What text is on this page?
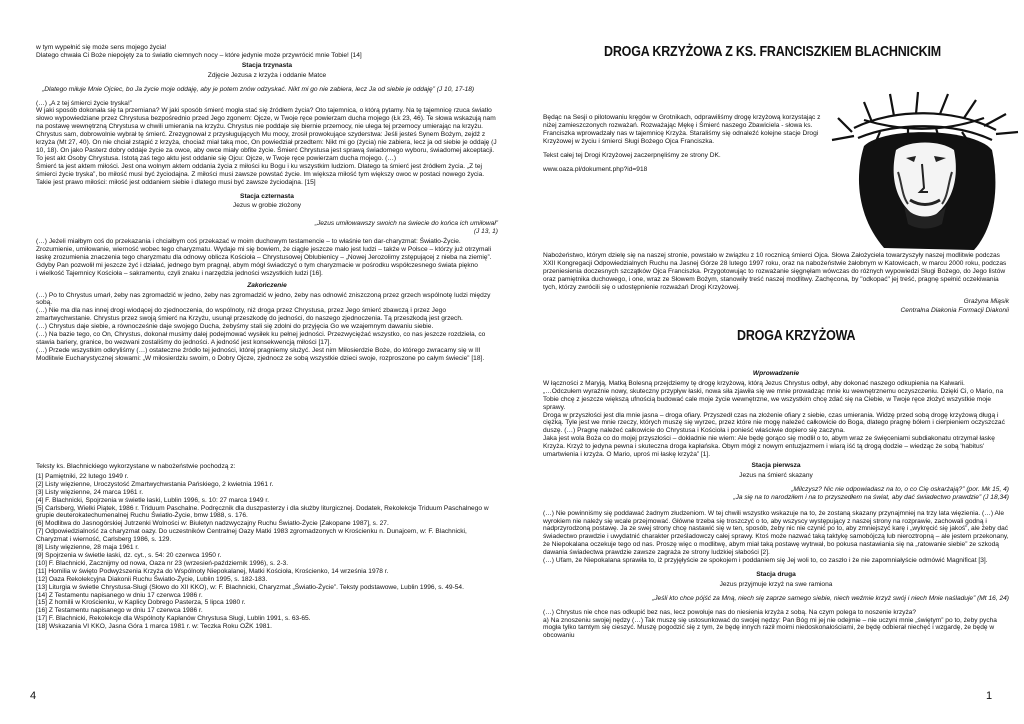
w tym wypełnić się może sens mojego życia!
Dlatego chwała Ci Boże niepojęty za to światło ciemnych nocy – które jedynie może przywrócić mnie Tobie! [14]

Stacja trzynasta

Zdjęcie Jezusa z krzyża i oddanie Matce

„Dlatego miłuje Mnie Ojciec, bo Ja życie moje oddaję, aby je potem znów odzyskać. Nikt mi go nie zabiera, lecz Ja od siebie je oddaję” (J 10, 17-18)

(…) „A z tej śmierci życie tryska!”
W jaki sposób dokonała się ta przemiana? W jaki sposób śmierć mogła stać się źródłem życia? Oto tajemnica, o którą pytamy. Na tę tajemnicę rzuca światło słowo wypowiedziane przez Chrystusa bezpośrednio przed Jego zgonem: Ojcze, w Twoje ręce powierzam ducha mojego (Łk 23, 46). Te słowa wskazują nam na postawę wewnętrzną Chrystusa w chwili umierania na krzyżu. Chrystus nie poddaje się biernie przemocy, nie ulega tej przemocy umierając na krzyżu. Chrystus sam, dobrowolnie wybrał tę śmierć. Zrezygnował z przysługujących Mu mocy, zrosił prowokujące szyderstwa: Jeśli jesteś Synem Bożym, zejdź z krzyża (Mt 27, 40). On nie chciał zstąpić z krzyża, chociaż miał taką moc, On powiedział przedtem: Nikt mi go (życia) nie zabiera, lecz ja od siebie je oddaję (J 10, 18). On jako Pasterz dobry oddaje życie za owce, aby owce miały obfite życie. Śmierć Chrystusa jest sprawą świadomego wyboru, świadomej akceptacji. To jest akt Osoby Chrystusa. Istotą zaś tego aktu jest oddanie się Ojcu: Ojcze, w Twoje ręce powierzam ducha mojego. (…)
Śmierć ta jest aktem miłości. Jest ona wolnym aktem oddania życia z miłości ku Bogu i ku wszystkim ludziom. Dlatego ta śmierć jest źródłem życia. „Z tej śmierci życie tryska”, bo miłość musi być życiodajna. Z miłości musi zawsze powstać życie. Im większa miłość tym większy owoc w postaci nowego życia. Takie jest prawo miłości: miłość jest oddaniem siebie i dlatego musi być zawsze życiodajna. [15]

Stacja czternasta

Jezus w grobie złożony

„Jezus umiłowawszy swoich na świecie do końca ich umiłował”

(J 13, 1)

(…) Jeżeli miałbym coś do przekazania i chciałbym coś przekazać w moim duchowym testamencie – to właśnie ten dar-charyzmat: Światło-Życie. Zrozumienie, umiłowanie, wierność wobec tego charyzmatu. Wydaje mi się bowiem, że ciągle jeszcze mało jest ludzi – także w Polsce – którzy już otrzymali łaskę zrozumienia znaczenia tego charyzmatu dla odnowy oblicza Kościoła – Chrystusowej Oblubienicy – „Nowej Jerozolimy zstępującej z nieba na ziemię”.
Gdyby Pan pozwolił mi jeszcze żyć i działać, jednego bym pragnął, abym mógł świadczyć o tym charyzmacie w pośrodku współczesnego świata piękno
i wielkość Tajemnicy Kościoła – sakramentu, czyli znaku i narzędzia jedności wszystkich ludzi [16].

Zakończenie

(…) Po to Chrystus umarł, żeby nas zgromadzić w jedno, żeby nas zgromadzić w jedno, żeby nas odnowić zniszczoną przez grzech wspólnotę ludzi między sobą.
(…) Nie ma dla nas innej drogi wiodącej do zjednoczenia, do wspólnoty, niż droga przez Chrystusa, przez Jego śmierć zbawczą i przez Jego zmartwychwstanie. Chrystus przez swoją śmierć na Krzyżu, usunął przeszkodę do jedności, do naszego zjednoczenia. Tą przeszkodą jest grzech.
(…) Chrystus daje siebie, a równocześnie daje swojego Ducha, żebyśmy stali się zdolni do przyjęcia Go we wzajemnym dawaniu siebie.
(…) Na bazie tego, co On, Chrystus, dokonał musimy dalej podejmować wysiłek ku pełnej jedności. Przezwyciężać wszystko, co nas jeszcze rozdziela, co stawia bariery, granice, bo wezwani zostaliśmy do jedności. A jedność jest konsekwencją miłości [17].
(…) Przede wszystkim odkryliśmy (…) ostateczne źródło tej jedności, której pragniemy służyć. Jest nim Miłosierdzie Boże, do którego zwracamy się w III Modlitwie Eucharystycznej słowami: „W miłosierdziu swoim, o Dobry Ojcze, zjednocz ze sobą wszystkie dzieci swoje, rozproszone po całym świecie” [18].

Teksty ks. Blachnickiego wykorzystane w nabożeństwie pochodzą z:

[1] Pamiętniki, 22 lutego 1949 r.
[2] Listy więzienne, Uroczystość Zmartwychwstania Pańskiego, 2 kwietnia 1961 r.
[3] Listy więzienne, 24 marca 1961 r.
[4] F. Blachnicki, Spojrzenia w świetle łaski, Lublin 1996, s. 10: 27 marca 1949 r.
[5] Carlsberg, Wielki Piątek, 1986 r. Triduum Paschalne. Podręcznik dla duszpasterzy i dla służby liturgicznej. Dodatek, Rekolekcje Triduum Paschalnego w grupie deuterokatechumenalnej Ruchu Światło-Życie, bmw 1988, s. 176.
[6] Modlitwa do Jasnogórskiej Jutrzenki Wolności w: Biuletyn nadzwyczajny Ruchu Światło-Życie [Zakopane 1987], s. 27.
[7] Odpowiedzialność za charyzmat oazy. Do uczestników Centralnej Oazy Matki 1983 zgromadzonych w Krościenku n. Dunajcem, w: F. Blachnicki, Charyzmat i wierność, Carlsberg 1986, s. 129.
[8] Listy więzienne, 28 maja 1961 r.
[9] Spojrzenia w świetle łaski, dz. cyt., s. 54: 20 czerwca 1950 r.
[10] F. Blachnicki, Zacznijmy od nowa, Oaza nr 23 (wrzesień-październik 1996), s. 2-3.
[11] Homilia w święto Podwyższenia Krzyża do Wspólnoty Niepokalanej, Matki Kościoła, Krościenko, 14 września 1978 r.
[12] Oaza Rekolekcyjna Diakonii Ruchu Światło-Życie, Lublin 1995, s. 182-183.
[13] Liturgia w świetle Chrystusa-Sługi (Słowo do XII KKO), w: F. Blachnicki, Charyzmat „Światło-Życie”. Teksty podstawowe, Lublin 1996, s. 49-54.
[14] Z Testamentu napisanego w dniu 17 czerwca 1986 r.
[15] Z homilii w Krościenku, w Kaplicy Dobrego Pasterza, 5 lipca 1980 r.
[16] Z Testamentu napisanego w dniu 17 czerwca 1986 r.
[17] F. Blachnicki, Rekolekcje dla Wspólnoty Kapłanów Chrystusa Sługi, Lublin 1991, s. 63-65.
[18] Wskazania VI KKO, Jasna Góra 1 marca 1981 r. w: Teczka Roku OŻK 1981.
4
DROGA KRZYŻOWA Z KS. FRANCISZKIEM BLACHNICKIM

Będąc na Sesji o pilotowaniu kręgów w Grotnikach, odprawiliśmy drogę krzyżową korzystając z niżej zamieszczonych rozważań. Rozważając Mękę i Śmierć naszego Zbawiciela - słowa ks. Franciszka wprowadzały nas w tajemnicę Krzyża. Staraliśmy się odnaleźć kolejne stacje Drogi Krzyżowej w życiu i śmierci Sługi Bożego Ojca Franciszka.

Tekst całej tej Drogi Krzyżowej zaczerpnęliśmy ze strony DK.

www.oaza.pl/dokument.php?id=918

Nabożeństwo, którym dzielę się na naszej stronie, powstało w związku z 10 rocznicą śmierci Ojca. Słowa Założyciela towarzyszyły naszej modlitwie podczas XXII Kongregacji Odpowiedzialnych Ruchu na Jasnej Górze 28 lutego 1997 roku, oraz na nabożeństwie żałobnym w Katowicach, w marcu 2000 roku, podczas przeniesienia doczesnych szczątków Ojca Franciszka. Przygotowując to rozważanie sięgnęłam wówczas do różnych wypowiedzi Sługi Bożego, do Jego listów oraz pamiętnika duchowego, i one, wraz ze Słowem Bożym, stanowiły treść naszej modlitwy. Zachęcona, by "odkopać" jej treść, pragnę spełnić oczekiwania tych, którzy zwrócili się o udostępnienie rozważań Drogi Krzyżowej.

Grażyna Miąsik

Centralna Diakonia Formacji Diakonii

DROGA KRZYŻOWA

Wprowadzenie

W łączności z Maryją, Matką Bolesną przejdziemy tę drogę krzyżową, którą Jezus Chrystus odbył, aby dokonać naszego odkupienia na Kalwarii.
„…Odczułem wyraźnie nowy, skuteczny przypływ łaski, nowa siła zjawiła się we mnie prowadząc mnie ku wewnętrznemu oczyszczeniu. Dzięki Ci, o Mario, na Tobie chcę z jeszcze większą ufnością budować cale moje życie wewnętrzne, we wszystkim chcę zdać się na Ciebie, w Twoje ręce złożyć wszystkie moje sprawy.
Droga w przyszłości jest dla mnie jasna – droga ofiary. Przyszedł czas na złożenie ofiary z siebie, czas umierania. Widzę przed sobą drogę krzyżową długą i ciężką. Tyle jest we mnie rzeczy, których muszę się wyrzec, przez które nie mogę należeć całkowicie do Boga, dlatego pragnę bólem i cierpieniem oczyszczać duszę. (…) Pragnę należeć całkowicie do Chrystusa i Kościoła i ponieść właściwie dopiero się zaczyna.
Jaka jest wola Boża co do mojej przyszłości – dokładnie nie wiem: Ale będę gorąco się modlił o to, abym wraz ze święceniami subdiakonatu otrzymał łaskę Krzyża. Krzyż to jedyna pewna i skuteczna droga kapłańska. Obym mógł z nowym entuzjazmem i wiarą iść tą drogą dodzie – wiedząc że sobą 'habitus' umartwienia i krzyża. O Mario, uproś mi łaskę krzyża” [1].

Stacja pierwsza

Jezus na śmierć skazany

„Milczysz? Nic nie odpowiadasz na to, o co Cię oskarżają?” (por. Mk 15, 4)

„Ja się na to narodziłem i na to przyszedłem na świat, aby dać świadectwo prawdzie” (J 18,34)

(…) Nie powinniśmy się poddawać żadnym złudzeniom. W tej chwili wszystko wskazuje na to, że zostaną skazany przynajmniej na trzy lata więzienia. (…) Ale wyrokiem nie należy się wcale przejmować. Główne trzeba się troszczyć o to, aby wszyscy występujący z naszej strony na rozprawie, zachowali godną i nadprzyrodzoną postawę. Ja ze swej strony chcę nastawić się w ten, sposób, żeby nic nie czynić po to, aby zmniejszyć karę i „wykręcić się jakoś”, ale żeby dać świadectwo prawdzie i uwydatnić charakter prześladowczy całej sprawy. Ktoś może nazwać taką taktykę samobójczą lub nieroztropną – ale jestem przekonany, że Niepokalana oczekuje tego od nas. Proszę więc o modlitwę, abym miał taką postawę wytrwał, bo pokusa nastawiania się na „ratowanie siebie” ze szkodą dawania świadectwa prawdzie zawsze zagraża ze strony ludzkiej słabości [2].
(…) Ufam, że Niepokalana sprawiła to, iż przyjęłyście ze spokojem i poddaniem się Jej woli to, co zaszło i że nie zapomniałyście odmówić Magnificat [3].

Stacja druga

Jezus przyjmuje krzyż na swe ramiona

„Jeśli kto chce pójść za Mną, niech się zaprze samego siebie, niech weźmie krzyż swój i niech Mnie naśladuje” (Mt 16, 24)

(…) Chrystus nie chce nas odkupić bez nas, lecz powołuje nas do niesienia krzyża z sobą. Na czym polega to noszenie krzyża?
a) Na znoszeniu swojej nędzy (…) Tak muszę się ustosunkować do swojej nędzy: Pan Bóg mi jej nie odejmie – nie uczyni mnie „świętym” po to, żeby pycha mogła tylko tamtym się cieszyć. Muszę pogodzić się z tym, że będę innych raził moimi niedoskonałościami, że będę odbierał niechęć i wzgardę, że będę w obcowaniu

1
